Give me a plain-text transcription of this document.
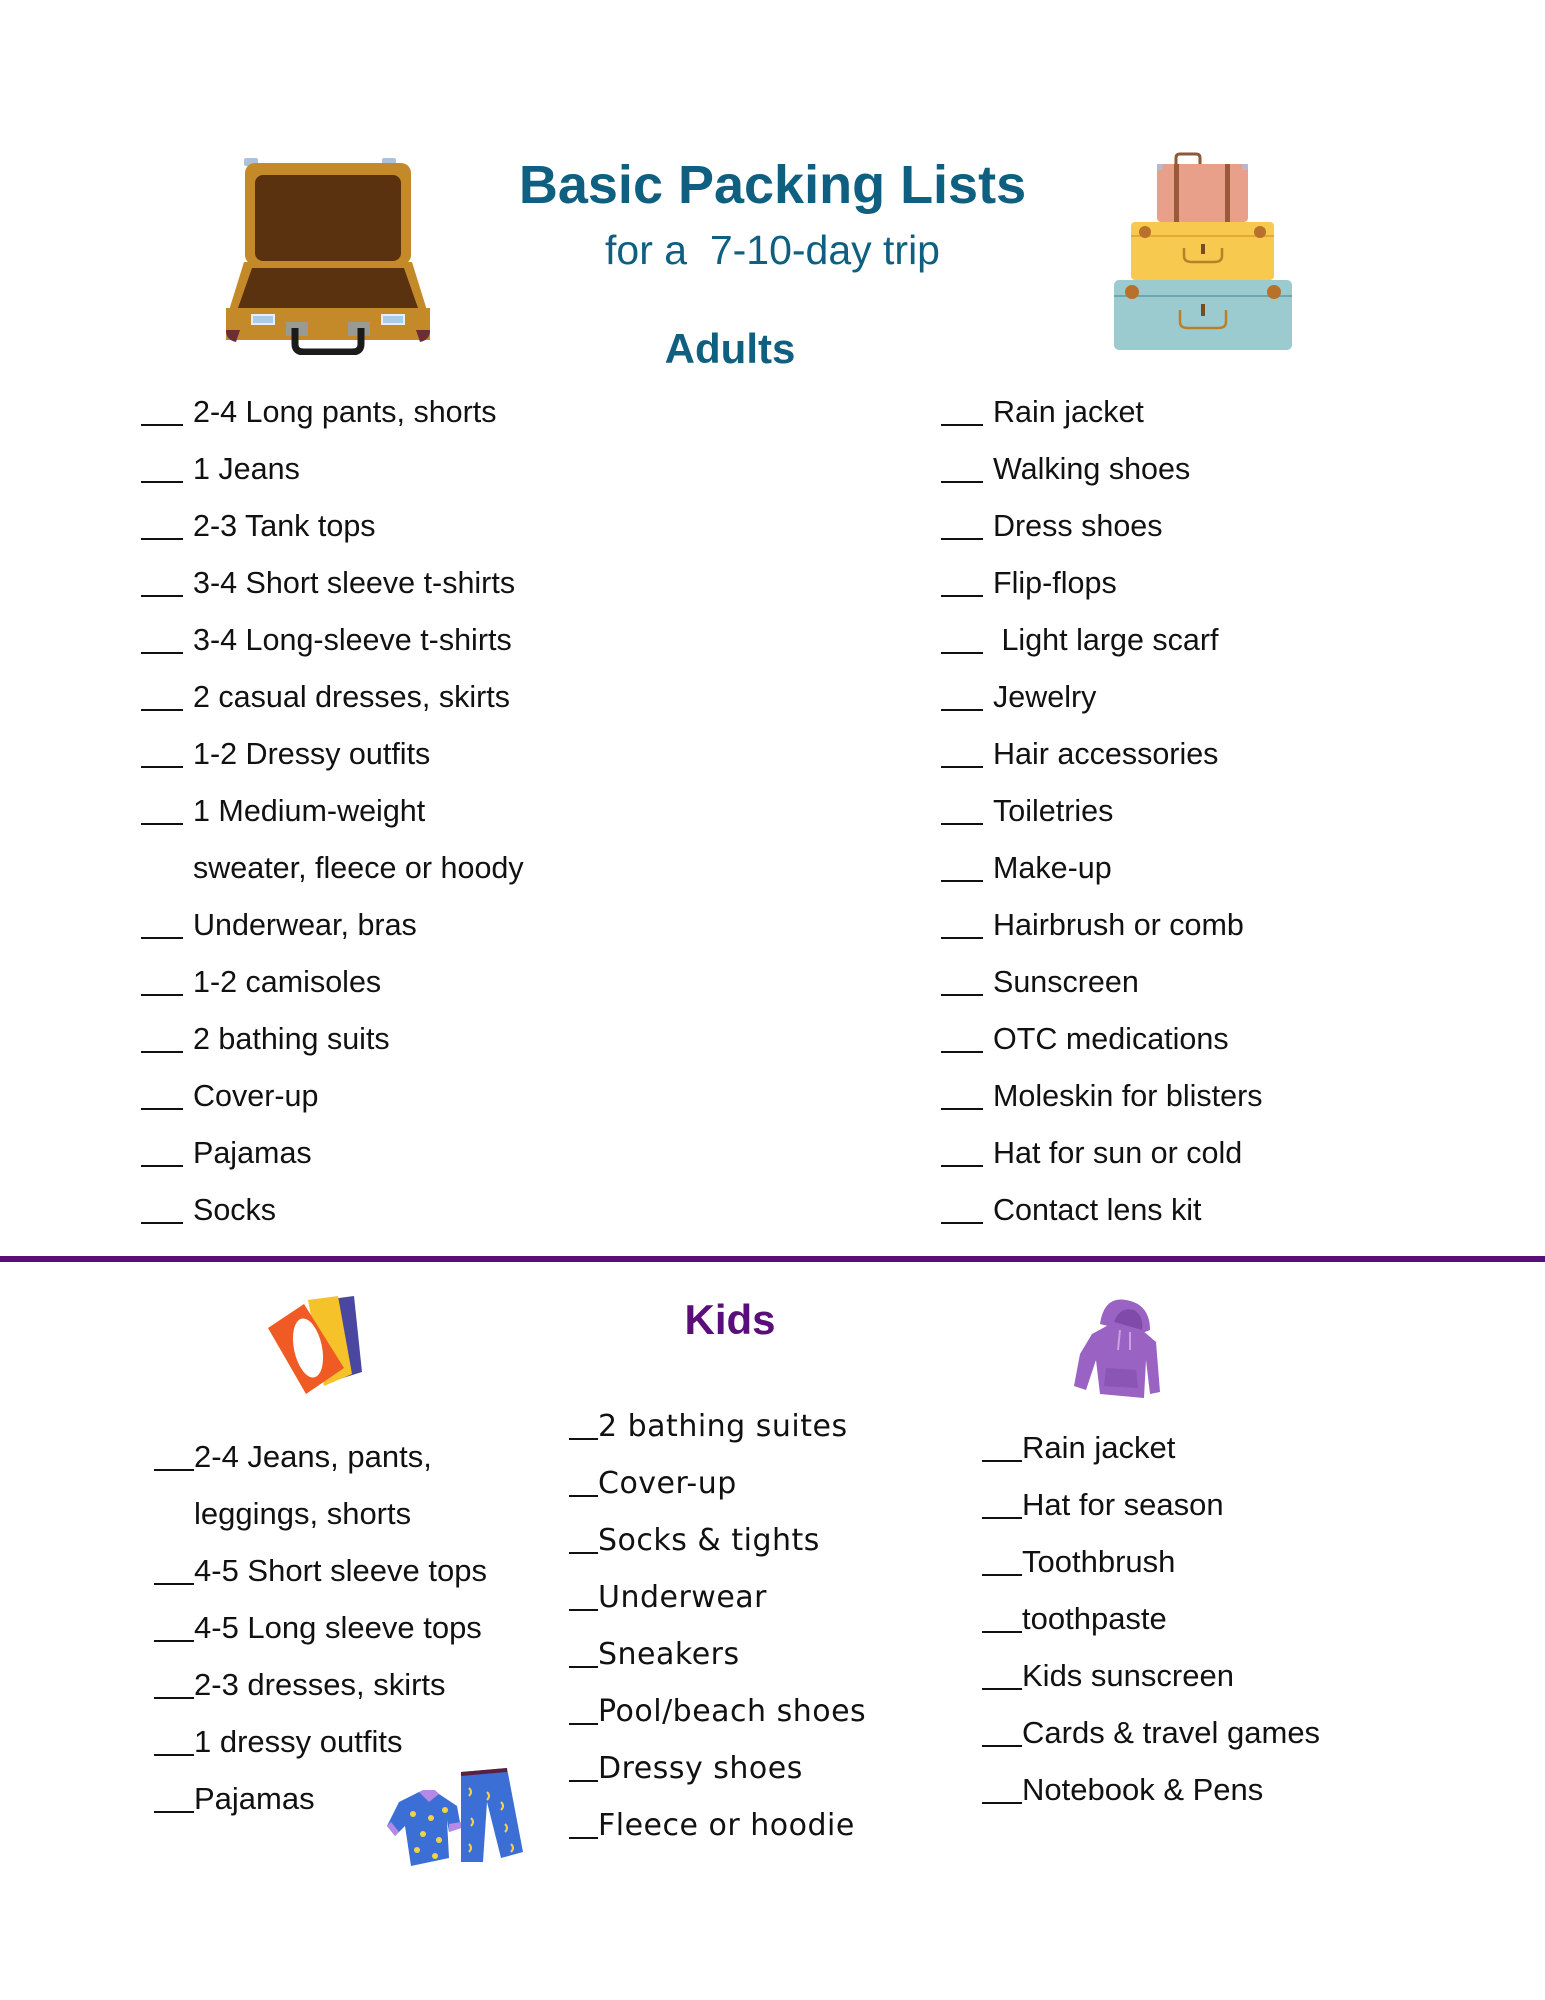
Basic Packing Lists
for a  7-10-day trip
Adults
2-4 Long pants, shorts
1 Jeans
2-3 Tank tops
3-4 Short sleeve t-shirts
3-4 Long-sleeve t-shirts
2 casual dresses, skirts
1-2 Dressy outfits
1 Medium-weight
sweater, fleece or hoody
Underwear, bras
1-2 camisoles
2 bathing suits
Cover-up
Pajamas
Socks
Rain jacket
Walking shoes
Dress shoes
Flip-flops
Light large scarf
Jewelry
Hair accessories
Toiletries
Make-up
Hairbrush or comb
Sunscreen
OTC medications
Moleskin for blisters
Hat for sun or cold
Contact lens kit
Kids
2-4 Jeans, pants,
leggings, shorts
4-5 Short sleeve tops
4-5 Long sleeve tops
2-3 dresses, skirts
1 dressy outfits
Pajamas
2 bathing suites
Cover-up
Socks & tights
Underwear
Sneakers
Pool/beach shoes
Dressy shoes
Fleece or hoodie
Rain jacket
Hat for season
Toothbrush
toothpaste
Kids sunscreen
Cards & travel games
Notebook & Pens
